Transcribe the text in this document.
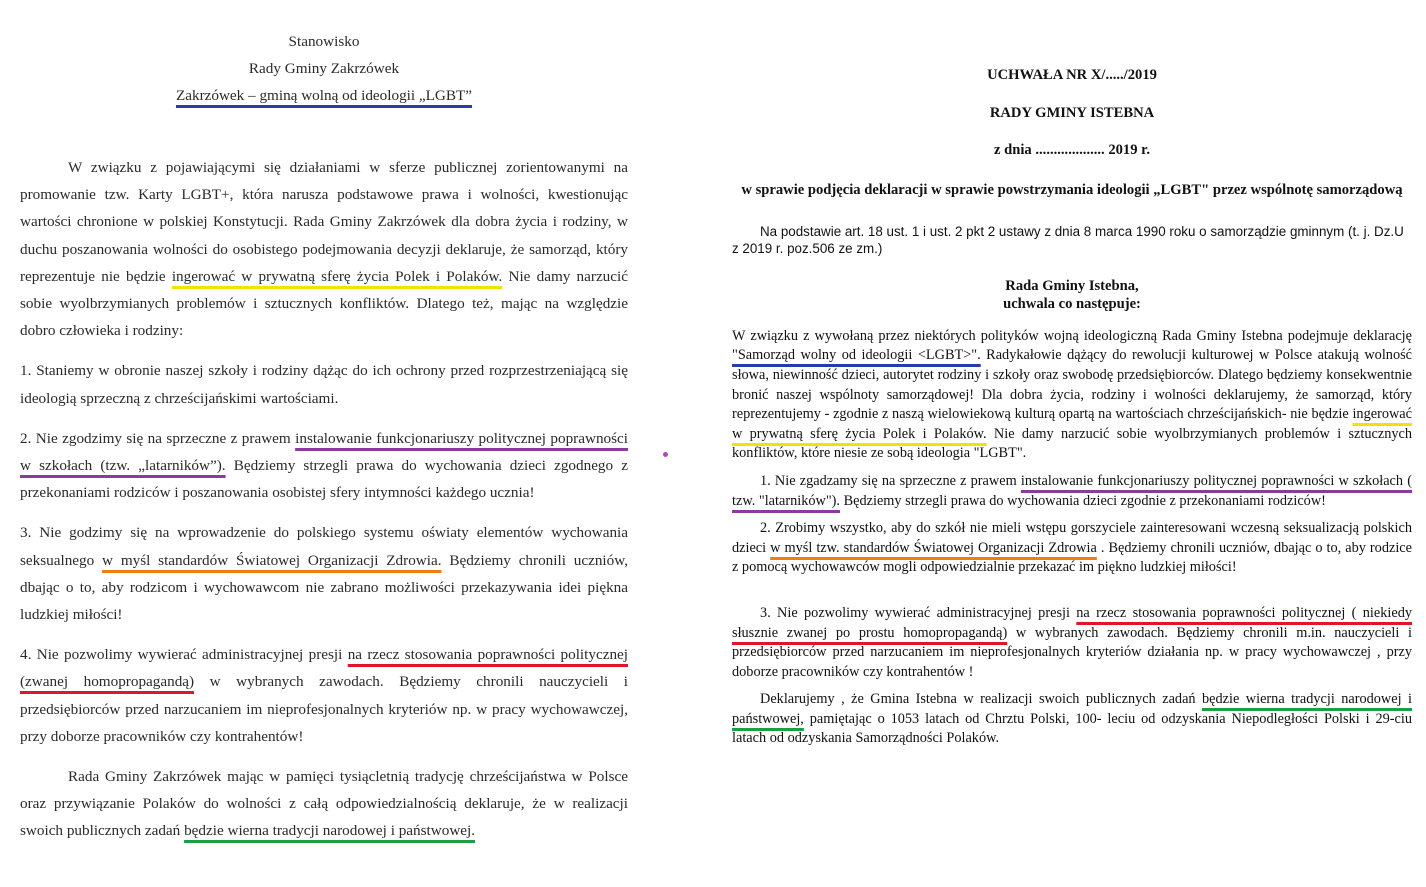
Stanowisko

Rady Gminy Zakrzówek

Zakrzówek – gminą wolną od ideologii „LGBT”

W związku z pojawiającymi się działaniami w sferze publicznej zorientowanymi na promowanie tzw. Karty LGBT+, która narusza podstawowe prawa i wolności, kwestionując wartości chronione w polskiej Konstytucji. Rada Gminy Zakrzówek dla dobra życia i rodziny, w duchu poszanowania wolności do osobistego podejmowania decyzji deklaruje, że samorząd, który reprezentuje nie będzie ingerować w prywatną sferę życia Polek i Polaków. Nie damy narzucić sobie wyolbrzymianych problemów i sztucznych konfliktów. Dlatego też, mając na względzie dobro człowieka i rodziny:

1. Staniemy w obronie naszej szkoły i rodziny dążąc do ich ochrony przed rozprzestrzeniającą się ideologią sprzeczną z chrześcijańskimi wartościami.

2. Nie zgodzimy się na sprzeczne z prawem instalowanie funkcjonariuszy politycznej poprawności w szkołach (tzw. „latarników”). Będziemy strzegli prawa do wychowania dzieci zgodnego z przekonaniami rodziców i poszanowania osobistej sfery intymności każdego ucznia!

3. Nie godzimy się na wprowadzenie do polskiego systemu oświaty elementów wychowania seksualnego w myśl standardów Światowej Organizacji Zdrowia. Będziemy chronili uczniów, dbając o to, aby rodzicom i wychowawcom nie zabrano możliwości przekazywania idei piękna ludzkiej miłości!

4. Nie pozwolimy wywierać administracyjnej presji na rzecz stosowania poprawności politycznej (zwanej homopropagandą) w wybranych zawodach. Będziemy chronili nauczycieli i przedsiębiorców przed narzucaniem im nieprofesjonalnych kryteriów np. w pracy wychowawczej, przy doborze pracowników czy kontrahentów!

Rada Gminy Zakrzówek mając w pamięci tysiącletnią tradycję chrześcijaństwa w Polsce oraz przywiązanie Polaków do wolności z całą odpowiedzialnością deklaruje, że w realizacji swoich publicznych zadań będzie wierna tradycji narodowej i państwowej.

UCHWAŁA NR X/...../2019

RADY GMINY ISTEBNA

z dnia ................... 2019 r.

w sprawie podjęcia deklaracji w sprawie powstrzymania ideologii „LGBT" przez wspólnotę samorządową

Na podstawie art. 18 ust. 1 i ust. 2 pkt 2 ustawy z dnia 8 marca 1990 roku o samorządzie gminnym (t. j. Dz.U z 2019 r. poz.506 ze zm.)

Rada Gminy Istebna,

uchwala co następuje:

W związku z wywołaną przez niektórych polityków wojną ideologiczną Rada Gminy Istebna podejmuje deklarację "Samorząd wolny od ideologii <LGBT>". Radykałowie dążący do rewolucji kulturowej w Polsce atakują wolność słowa, niewinność dzieci, autorytet rodziny i szkoły oraz swobodę przedsiębiorców. Dlatego będziemy konsekwentnie bronić naszej wspólnoty samorządowej! Dla dobra życia, rodziny i wolności deklarujemy, że samorząd, który reprezentujemy - zgodnie z naszą wielowiekową kulturą opartą na wartościach chrześcijańskich- nie będzie ingerować w prywatną sferę życia Polek i Polaków. Nie damy narzucić sobie wyolbrzymianych problemów i sztucznych konfliktów, które niesie ze sobą ideologia "LGBT".

1. Nie zgadzamy się na sprzeczne z prawem instalowanie funkcjonariuszy politycznej poprawności w szkołach ( tzw. "latarników"). Będziemy strzegli prawa do wychowania dzieci zgodnie z przekonaniami rodziców!

2. Zrobimy wszystko, aby do szkół nie mieli wstępu gorszyciele zainteresowani wczesną seksualizacją polskich dzieci w myśl tzw. standardów Światowej Organizacji Zdrowia . Będziemy chronili uczniów, dbając o to, aby rodzice z pomocą wychowawców mogli odpowiedzialnie przekazać im piękno ludzkiej miłości!

3. Nie pozwolimy wywierać administracyjnej presji na rzecz stosowania poprawności politycznej ( niekiedy słusznie zwanej po prostu homopropagandą) w wybranych zawodach. Będziemy chronili m.in. nauczycieli i przedsiębiorców przed narzucaniem im nieprofesjonalnych kryteriów działania np. w pracy wychowawczej , przy doborze pracowników czy kontrahentów !

Deklarujemy , że Gmina Istebna w realizacji swoich publicznych zadań będzie wierna tradycji narodowej i państwowej, pamiętając o 1053 latach od Chrztu Polski, 100- leciu od odzyskania Niepodległości Polski i 29-ciu latach od odzyskania Samorządności Polaków.
